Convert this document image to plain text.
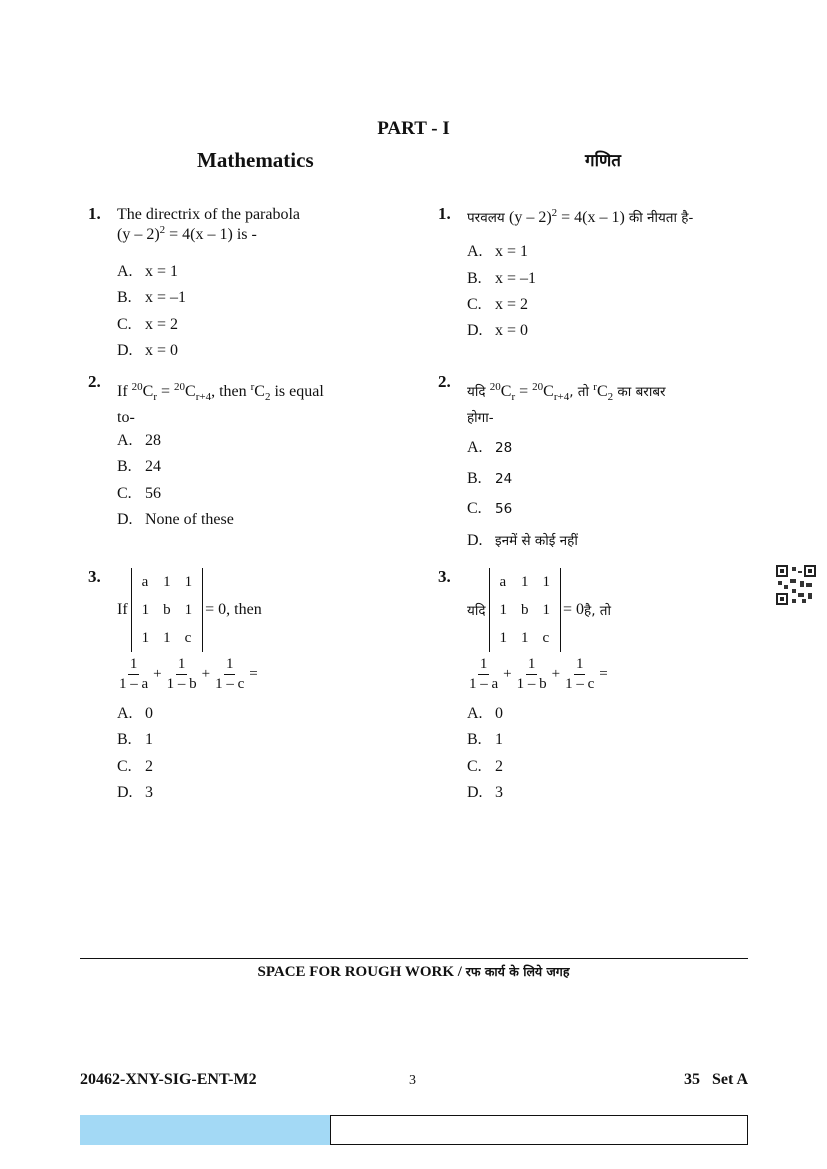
PART - I
Mathematics	गणित
1. The directrix of the parabola
(y – 2)$^2$ = 4(x – 1) is -
A. x = 1
B. x = –1
C. x = 2
D. x = 0
2.
If $^{20}C_r = ^{20}C_{r+4}$, then $^rC_2$ is equal
to-
A. 28
B. 24
C. 56
D. None of these
3.
If
a	1	1
1	b	1
1	1	c
= 0, then
$\frac{1}{1 - a} + \frac{1}{1 - b} + \frac{1}{1 - c}$ =
A. 0
B. 1
C. 2
D. 3
1. परवलय (y – 2)$^2$ = 4(x – 1) की नीयता है-
A. x = 1
B. x = –1
C. x = 2
D. x = 0
2.
यदि $^{20}C_r = ^{20}C_{r+4}$, तो $^rC_2$ का बराबर
होगा-
A. 28
B. 24
C. 56
D. इनमें से कोई नहीं
3.
यदि
a	1	1
1	b	1
1	1	c
= 0 है, तो
$\frac{1}{1 - a} + \frac{1}{1 - b} + \frac{1}{1 - c}$ =
A. 0
B. 1
C. 2
D. 3
SPACE FOR ROUGH WORK / रफ कार्य के लिये जगह
20462-XNY-SIG-ENT-M2	3	35   Set A
